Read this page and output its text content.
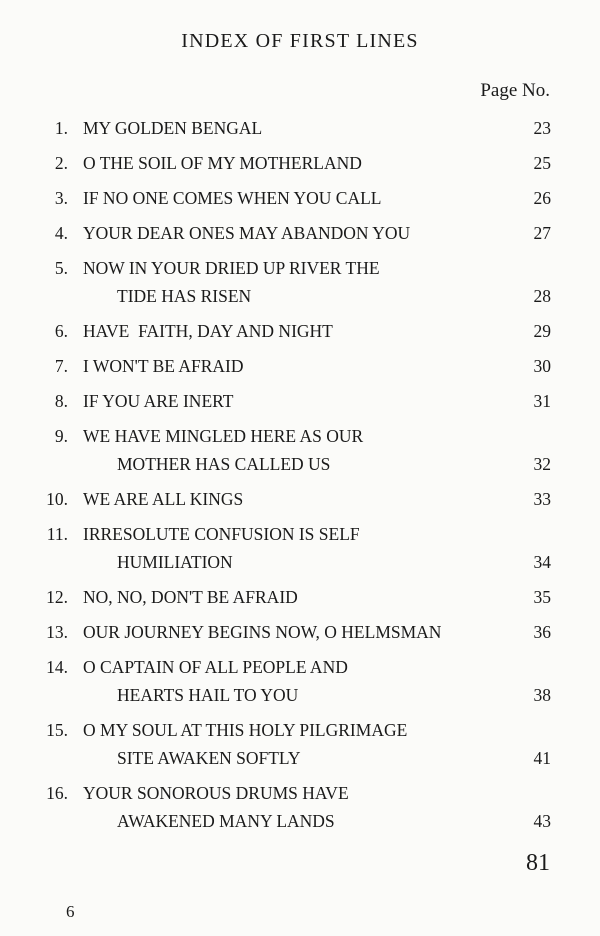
INDEX OF FIRST LINES
Page No.
1. MY GOLDEN BENGAL	23
2. O THE SOIL OF MY MOTHERLAND	25
3. IF NO ONE COMES WHEN YOU CALL	26
4. YOUR DEAR ONES MAY ABANDON YOU	27
5. NOW IN YOUR DRIED UP RIVER THE
TIDE HAS RISEN	28
6. HAVE  FAITH, DAY AND NIGHT	29
7. I WON'T BE AFRAID	30
8. IF YOU ARE INERT	31
9. WE HAVE MINGLED HERE AS OUR
MOTHER HAS CALLED US	32
10. WE ARE ALL KINGS	33
11. IRRESOLUTE CONFUSION IS SELF
HUMILIATION	34
12. NO, NO, DON'T BE AFRAID	35
13. OUR JOURNEY BEGINS NOW, O HELMSMAN	36
14. O CAPTAIN OF ALL PEOPLE AND
HEARTS HAIL TO YOU	38
15. O MY SOUL AT THIS HOLY PILGRIMAGE
SITE AWAKEN SOFTLY	41
16. YOUR SONOROUS DRUMS HAVE
AWAKENED MANY LANDS	43
81
6
